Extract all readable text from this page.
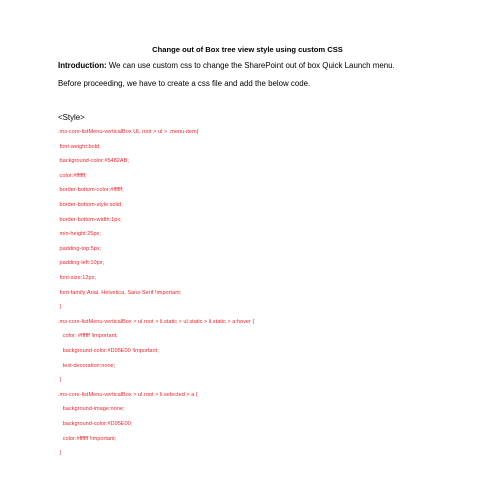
Change out of Box tree view style using custom CSS
Introduction: We can use custom css to change the SharePoint out of box Quick Launch menu.
Before proceeding, we have to create a css file and add the below code.
<Style>
.ms-core-listMenu-verticalBox UL.root > ul > .menu-item{
font-weight:bold;
background-color:#5482AB;
color:#ffffff;
border-bottom-color:#ffffff;
border-bottom-style:solid;
border-bottom-width:1px;
min-height:25px;
padding-top:5px;
padding-left:10px;
font-size:12px;
font-family:Arial, Helvetica, Sans-Serif !important;
}
.ms-core-listMenu-verticalBox > ul.root > li.static > ul.static > li.static > a:hover {
color: #ffffff !important;
background-color:#D95E00 !important;
text-decoration:none;
}
.ms-core-listMenu-verticalBox > ul.root > li.selected > a {
background-image:none;
background-color:#D95E00;
color:#ffffff !important;
}
